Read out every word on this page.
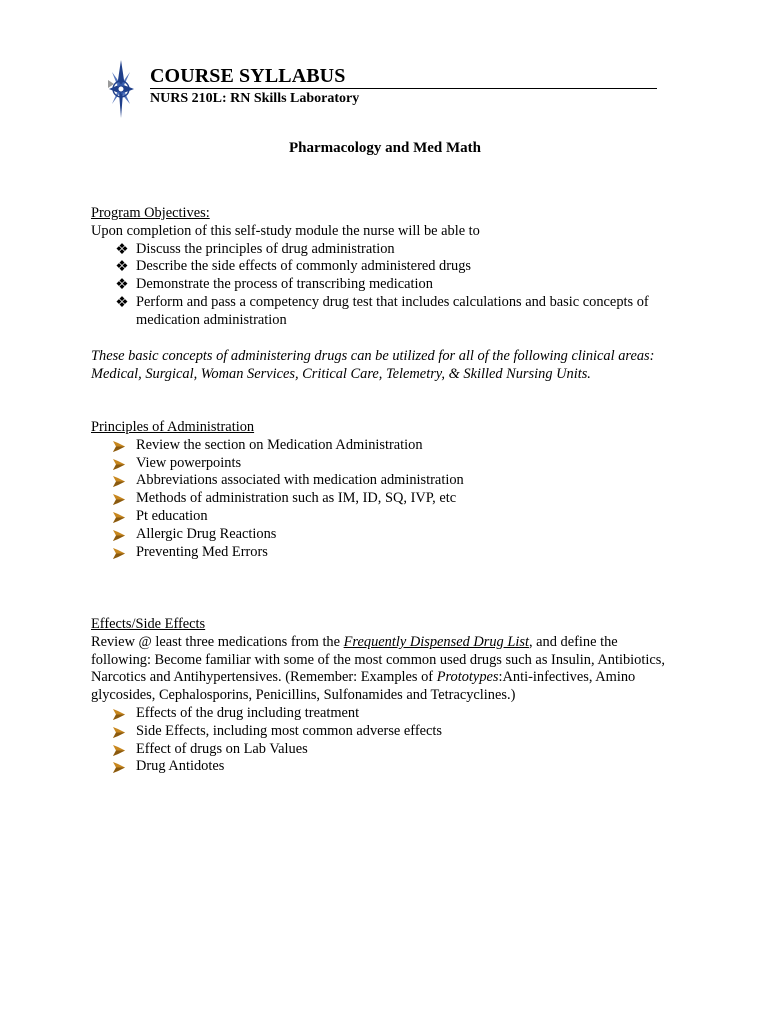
COURSE SYLLABUS
NURS 210L: RN Skills Laboratory
Pharmacology and Med Math
Program Objectives:
Upon completion of this self-study module the nurse will be able to
❖ Discuss the principles of drug administration
❖ Describe the side effects of commonly administered drugs
❖ Demonstrate the process of transcribing medication
❖ Perform and pass a competency drug test that includes calculations and basic concepts of medication administration
These basic concepts of administering drugs can be utilized for all of the following clinical areas: Medical, Surgical, Woman Services, Critical Care, Telemetry, & Skilled Nursing Units.
Principles of Administration
Review the section on Medication Administration
View powerpoints
Abbreviations associated with medication administration
Methods of administration such as IM, ID, SQ, IVP, etc
Pt education
Allergic Drug Reactions
Preventing Med Errors
Effects/Side Effects
Review @ least three medications from the Frequently Dispensed Drug List, and define the following: Become familiar with some of the most common used drugs such as Insulin, Antibiotics, Narcotics and Antihypertensives. (Remember: Examples of Prototypes:Anti-infectives, Amino glycosides, Cephalosporins, Penicillins, Sulfonamides and Tetracyclines.)
Effects of the drug including treatment
Side Effects, including most common adverse effects
Effect of drugs on Lab Values
Drug Antidotes
